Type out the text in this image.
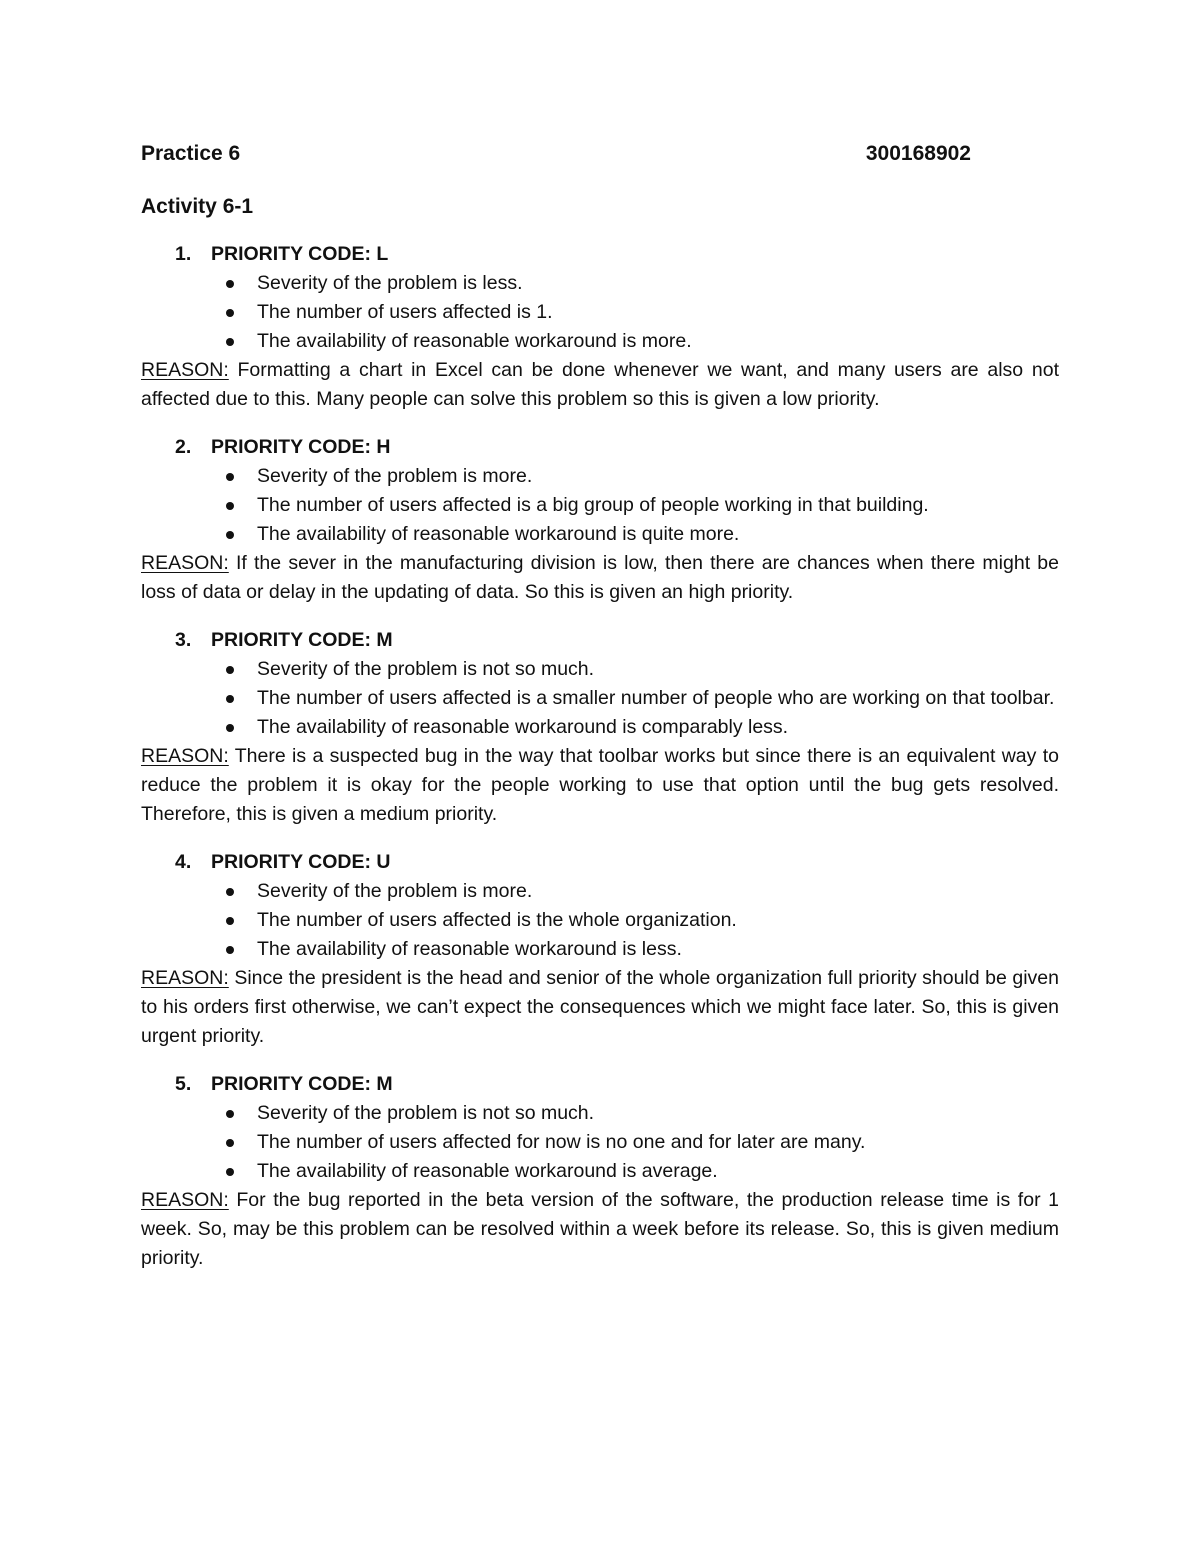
Practice 6	300168902
Activity 6-1
1.	PRIORITY CODE: L
Severity of the problem is less.
The number of users affected is 1.
The availability of reasonable workaround is more.
REASON: Formatting a chart in Excel can be done whenever we want, and many users are also not affected due to this. Many people can solve this problem so this is given a low priority.
2.	PRIORITY CODE: H
Severity of the problem is more.
The number of users affected is a big group of people working in that building.
The availability of reasonable workaround is quite more.
REASON: If the sever in the manufacturing division is low, then there are chances when there might be loss of data or delay in the updating of data. So this is given an high priority.
3.	PRIORITY CODE: M
Severity of the problem is not so much.
The number of users affected is a smaller number of people who are working on that toolbar.
The availability of reasonable workaround is comparably less.
REASON: There is a suspected bug in the way that toolbar works but since there is an equivalent way to reduce the problem it is okay for the people working to use that option until the bug gets resolved. Therefore, this is given a medium priority.
4.	PRIORITY CODE: U
Severity of the problem is more.
The number of users affected is the whole organization.
The availability of reasonable workaround is less.
REASON: Since the president is the head and senior of the whole organization full priority should be given to his orders first otherwise, we can’t expect the consequences which we might face later. So, this is given urgent priority.
5.	PRIORITY CODE: M
Severity of the problem is not so much.
The number of users affected for now is no one and for later are many.
The availability of reasonable workaround is average.
REASON: For the bug reported in the beta version of the software, the production release time is for 1 week. So, may be this problem can be resolved within a week before its release. So, this is given medium priority.
